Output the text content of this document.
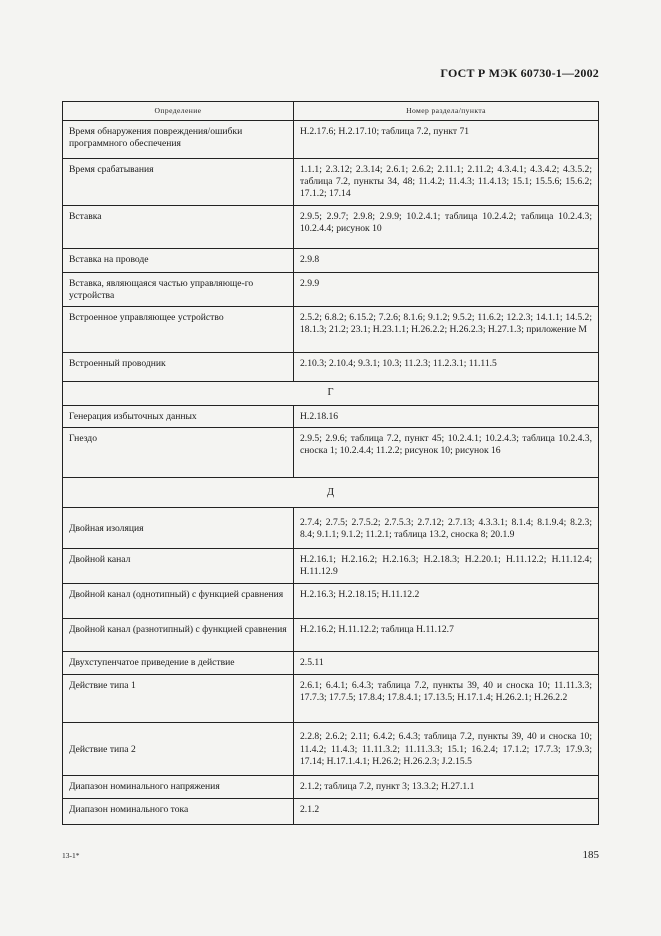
ГОСТ Р МЭК 60730-1—2002
Определение	Номер раздела/пункта
Время обнаружения повреждения/ошибки программного обеспечения	Н.2.17.6; Н.2.17.10; таблица 7.2, пункт 71
Время срабатывания	1.1.1; 2.3.12; 2.3.14; 2.6.1; 2.6.2; 2.11.1; 2.11.2; 4.3.4.1; 4.3.4.2; 4.3.5.2; таблица 7.2, пункты 34, 48; 11.4.2; 11.4.3; 11.4.13; 15.1; 15.5.6; 15.6.2; 17.1.2; 17.14
Вставка	2.9.5; 2.9.7; 2.9.8; 2.9.9; 10.2.4.1; таблица 10.2.4.2; таблица 10.2.4.3; 10.2.4.4; рисунок 10
Вставка на проводе	2.9.8
Вставка, являющаяся частью управляюще-го устройства	2.9.9
Встроенное управляющее устройство	2.5.2; 6.8.2; 6.15.2; 7.2.6; 8.1.6; 9.1.2; 9.5.2; 11.6.2; 12.2.3; 14.1.1; 14.5.2; 18.1.3; 21.2; 23.1; Н.23.1.1; Н.26.2.2; Н.26.2.3; Н.27.1.3; приложение М
Встроенный проводник	2.10.3; 2.10.4; 9.3.1; 10.3; 11.2.3; 11.2.3.1; 11.11.5
Г	
Генерация избыточных данных	Н.2.18.16
Гнездо	2.9.5; 2.9.6; таблица 7.2, пункт 45; 10.2.4.1; 10.2.4.3; таблица 10.2.4.3, сноска 1; 10.2.4.4; 11.2.2; рисунок 10; рисунок 16
Д	
Двойная изоляция	2.7.4; 2.7.5; 2.7.5.2; 2.7.5.3; 2.7.12; 2.7.13; 4.3.3.1; 8.1.4; 8.1.9.4; 8.2.3; 8.4; 9.1.1; 9.1.2; 11.2.1; таблица 13.2, сноска 8; 20.1.9
Двойной канал	Н.2.16.1; Н.2.16.2; Н.2.16.3; Н.2.18.3; Н.2.20.1; Н.11.12.2; Н.11.12.4; Н.11.12.9
Двойной канал (однотипный) с функцией сравнения	Н.2.16.3; Н.2.18.15; Н.11.12.2
Двойной канал (разнотипный) с функцией сравнения	Н.2.16.2; Н.11.12.2; таблица Н.11.12.7
Двухступенчатое приведение в действие	2.5.11
Действие типа 1	2.6.1; 6.4.1; 6.4.3; таблица 7.2, пункты 39, 40 и сноска 10; 11.11.3.3; 17.7.3; 17.7.5; 17.8.4; 17.8.4.1; 17.13.5; Н.17.1.4; Н.26.2.1; Н.26.2.2
Действие типа 2	2.2.8; 2.6.2; 2.11; 6.4.2; 6.4.3; таблица 7.2, пункты 39, 40 и сноска 10; 11.4.2; 11.4.3; 11.11.3.2; 11.11.3.3; 15.1; 16.2.4; 17.1.2; 17.7.3; 17.9.3; 17.14; Н.17.1.4.1; Н.26.2; Н.26.2.3; J.2.15.5
Диапазон номинального напряжения	2.1.2; таблица 7.2, пункт 3; 13.3.2; Н.27.1.1
Диапазон номинального тока	2.1.2
13-1*	185
